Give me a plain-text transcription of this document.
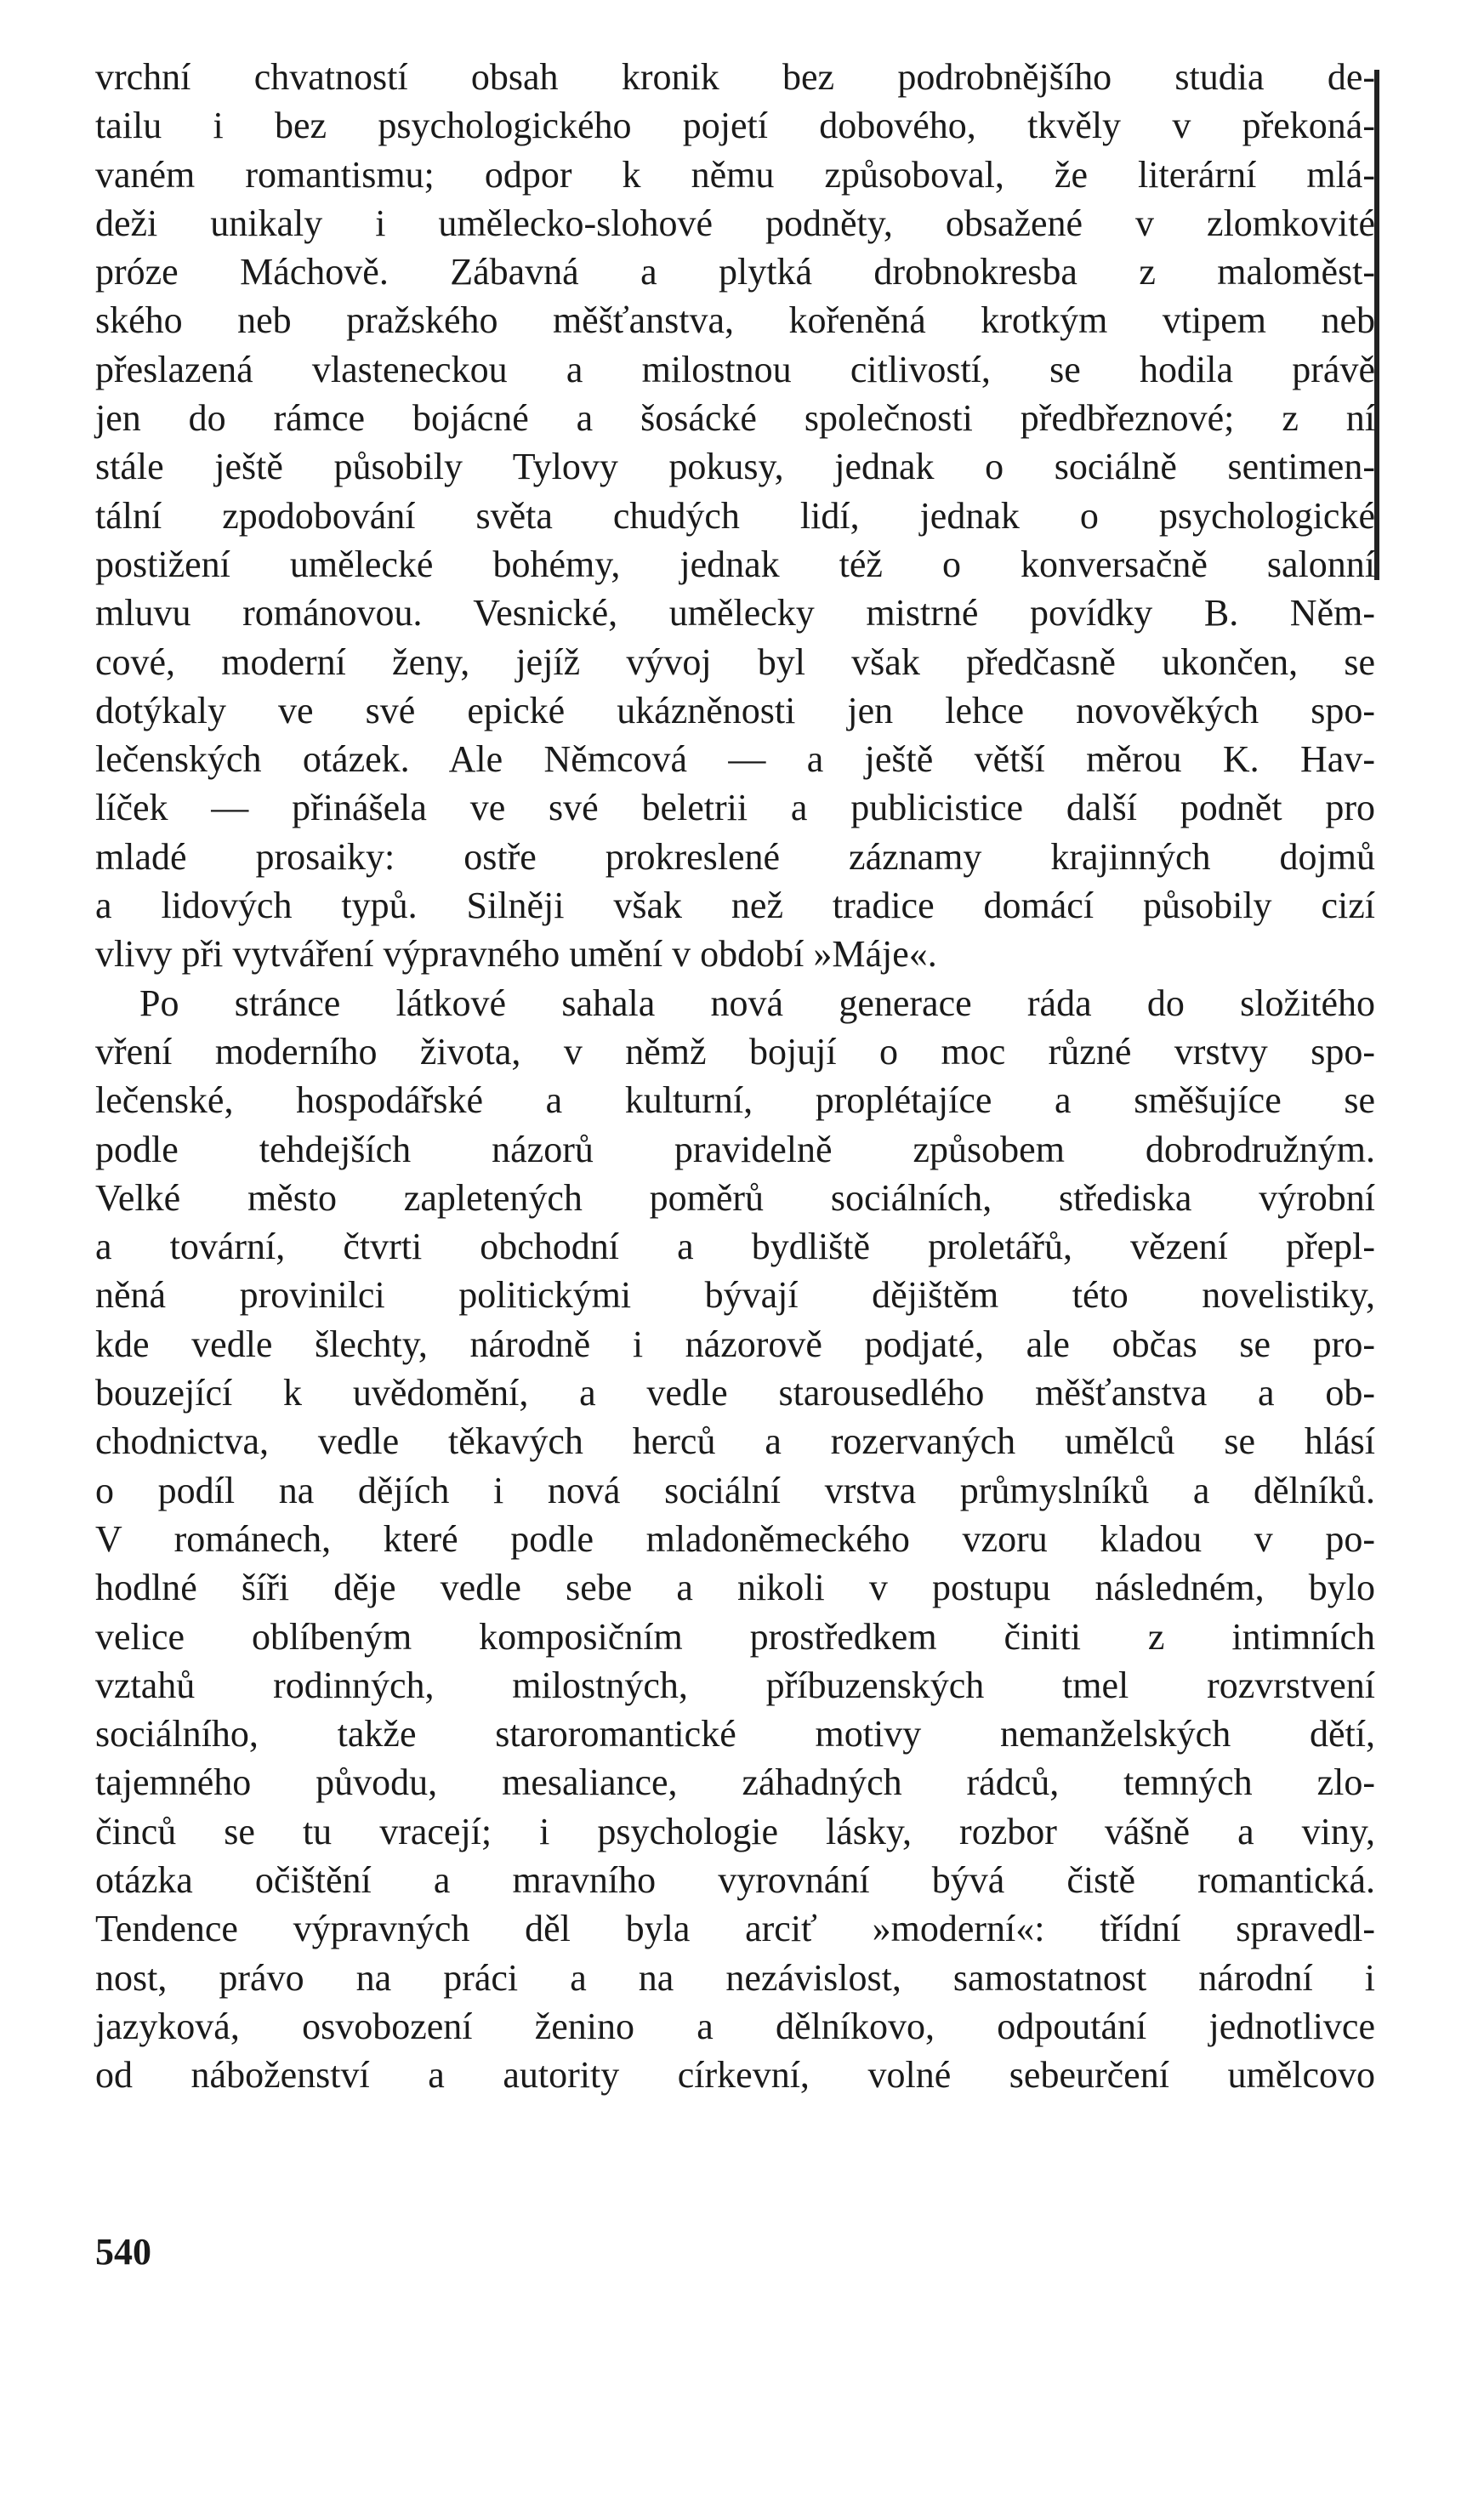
vrchní chvatností obsah kronik bez podrobnějšího studia de-
tailu i bez psychologického pojetí dobového, tkvěly v překoná-
vaném romantismu; odpor k němu způsoboval, že literární mlá-
deži unikaly i umělecko-slohové podněty, obsažené v zlomkovité
próze Máchově. Zábavná a plytká drobnokresba z maloměst-
ského neb pražského měšťanstva, kořeněná krotkým vtipem neb
přeslazená vlasteneckou a milostnou citlivostí, se hodila právě
jen do rámce bojácné a šosácké společnosti předbřeznové; z ní
stále ještě působily Tylovy pokusy, jednak o sociálně sentimen-
tální zpodobování světa chudých lidí, jednak o psychologické
postižení umělecké bohémy, jednak též o konversačně salonní
mluvu románovou. Vesnické, umělecky mistrné povídky B. Něm-
cové, moderní ženy, jejíž vývoj byl však předčasně ukončen, se
dotýkaly ve své epické ukázněnosti jen lehce novověkých spo-
lečenských otázek. Ale Němcová — a ještě větší měrou K. Hav-
líček — přinášela ve své beletrii a publicistice další podnět pro
mladé prosaiky: ostře prokreslené záznamy krajinných dojmů
a lidových typů. Silněji však než tradice domácí působily cizí
vlivy při vytváření výpravného umění v období »Máje«.
Po stránce látkové sahala nová generace ráda do složitého
vření moderního života, v němž bojují o moc různé vrstvy spo-
lečenské, hospodářské a kulturní, proplétajíce a směšujíce se
podle tehdejších názorů pravidelně způsobem dobrodružným.
Velké město zapletených poměrů sociálních, střediska výrobní
a tovární, čtvrti obchodní a bydliště proletářů, vězení přepl-
něná provinilci politickými bývají dějištěm této novelistiky,
kde vedle šlechty, národně i názorově podjaté, ale občas se pro-
bouzející k uvědomění, a vedle starousedlého měšťanstva a ob-
chodnictva, vedle těkavých herců a rozervaných umělců se hlásí
o podíl na dějích i nová sociální vrstva průmyslníků a dělníků.
V románech, které podle mladoněmeckého vzoru kladou v po-
hodlné šíři děje vedle sebe a nikoli v postupu následném, bylo
velice oblíbeným komposičním prostředkem činiti z intimních
vztahů rodinných, milostných, příbuzenských tmel rozvrstvení
sociálního, takže staroromantické motivy nemanželských dětí,
tajemného původu, mesaliance, záhadných rádců, temných zlo-
činců se tu vracejí; i psychologie lásky, rozbor vášně a viny,
otázka očištění a mravního vyrovnání bývá čistě romantická.
Tendence výpravných děl byla arciť »moderní«: třídní spravedl-
nost, právo na práci a na nezávislost, samostatnost národní i
jazyková, osvobození ženino a dělníkovo, odpoutání jednotlivce
od náboženství a autority církevní, volné sebeurčení umělcovo
540
